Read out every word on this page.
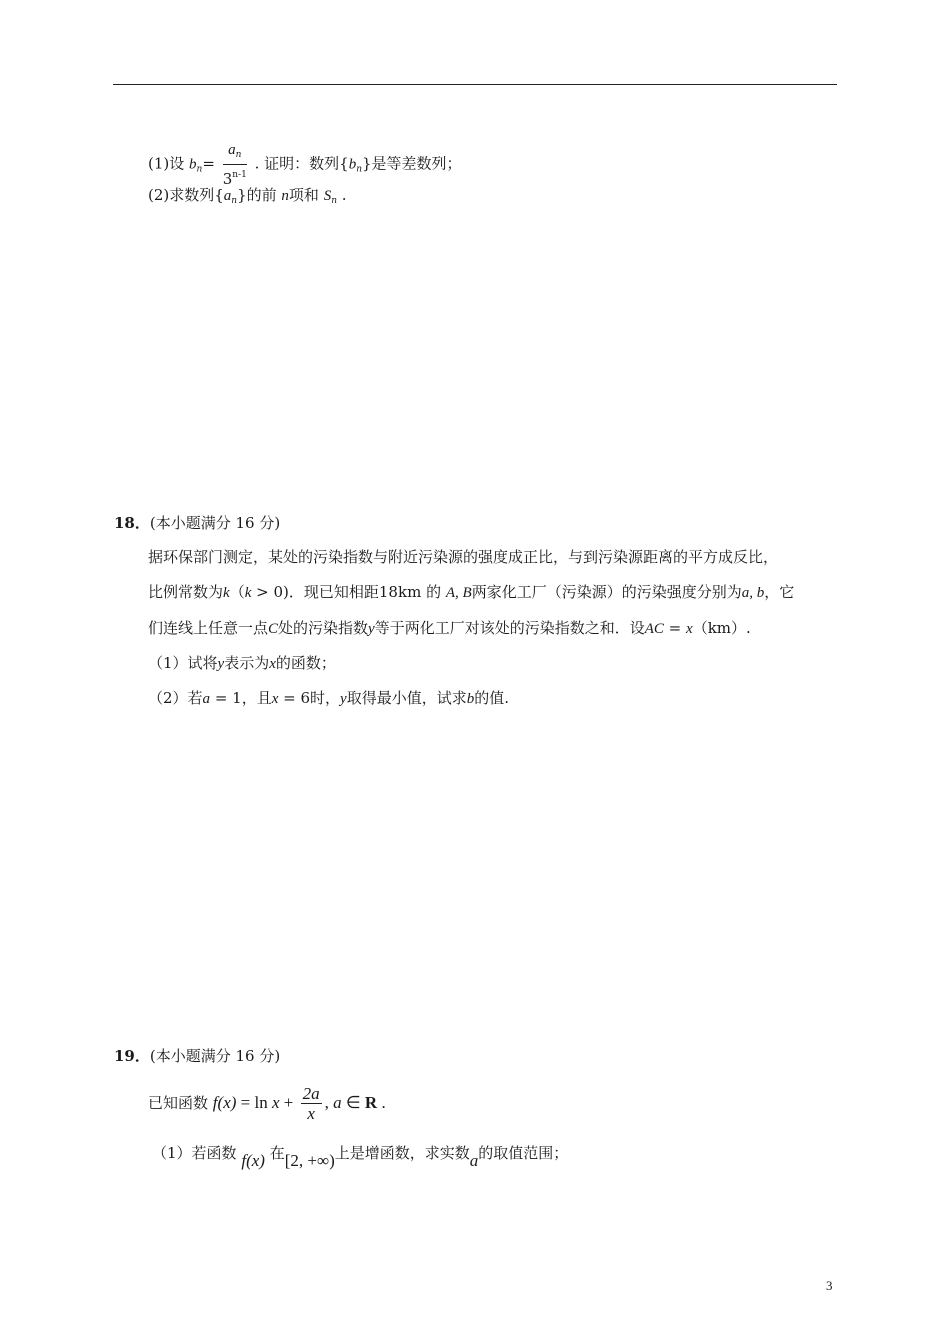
(1)设 $b_n= \frac{a_n}{3^{n-1}}$ . 证明：数列$\{b_n\}$是等差数列；
(2)求数列$\{a_n\}$的前 n项和 $S_n$ .
18．(本小题满分 16 分)
据环保部门测定，某处的污染指数与附近污染源的强度成正比，与到污染源距离的平方成反比，
比例常数为k（k > 0)．现已知相距18km 的 A, B两家化工厂（污染源）的污染强度分别为a, b，它
们连线上任意一点C处的污染指数y等于两化工厂对该处的污染指数之和．设AC = x（km）.
（1）试将y表示为x的函数；
（2）若a = 1，且x = 6时，y取得最小值，试求b的值.
19．(本小题满分 16 分)
已知函数 $f(x) = \ln x + \frac{2a}{x}$ , a ∈ R .
（1）若函数 f(x) 在[2, +∞)上是增函数，求实数a的取值范围；
3
